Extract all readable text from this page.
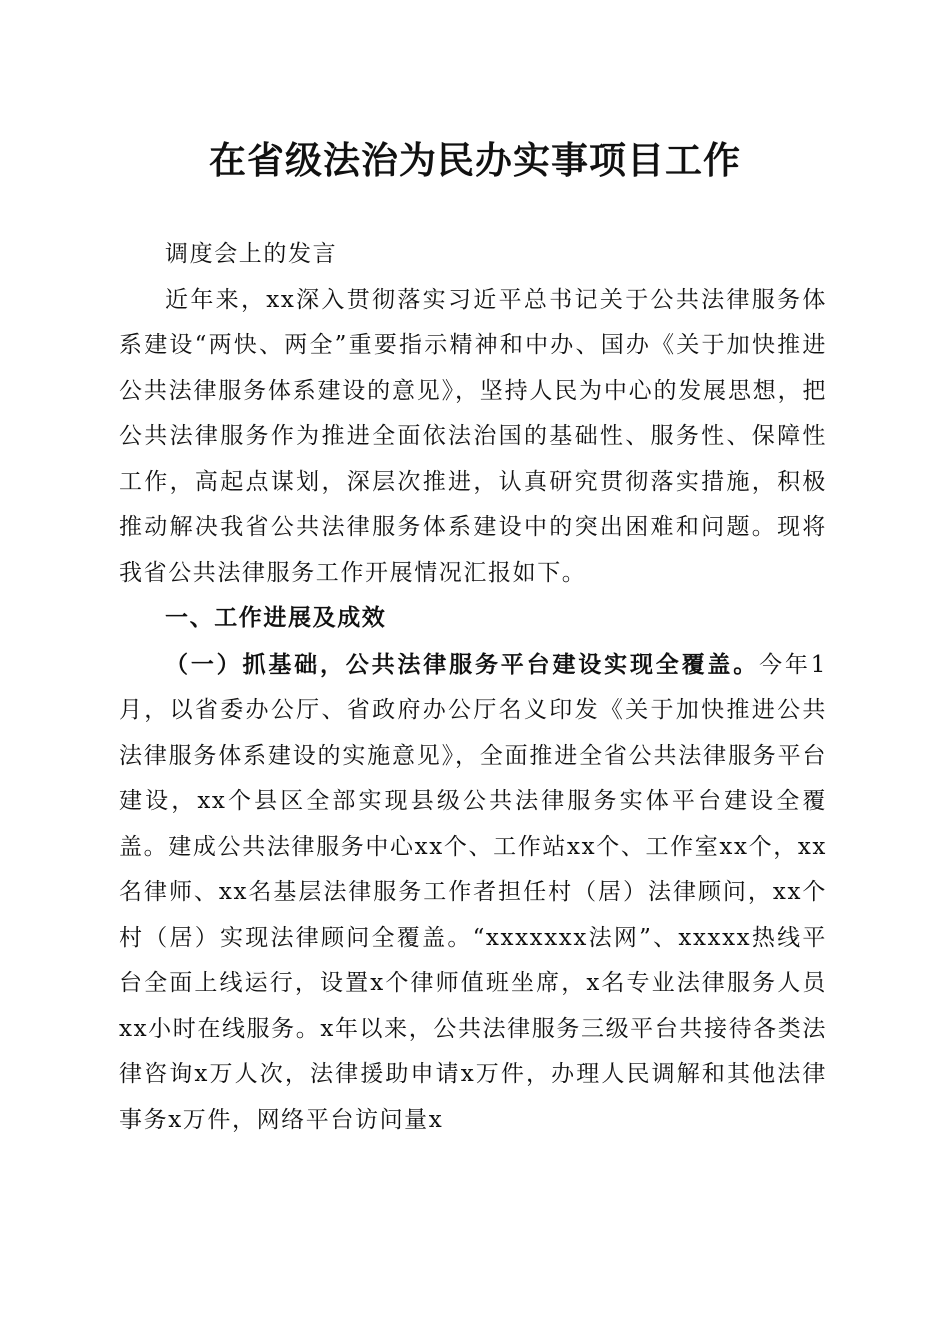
在省级法治为民办实事项目工作

调度会上的发言

近年来，xx深入贯彻落实习近平总书记关于公共法律服务体系建设“两快、两全”重要指示精神和中办、国办《关于加快推进公共法律服务体系建设的意见》，坚持人民为中心的发展思想，把公共法律服务作为推进全面依法治国的基础性、服务性、保障性工作，高起点谋划，深层次推进，认真研究贯彻落实措施，积极推动解决我省公共法律服务体系建设中的突出困难和问题。现将我省公共法律服务工作开展情况汇报如下。

一、工作进展及成效

（一）抓基础，公共法律服务平台建设实现全覆盖。今年1月，以省委办公厅、省政府办公厅名义印发《关于加快推进公共法律服务体系建设的实施意见》，全面推进全省公共法律服务平台建设，xx个县区全部实现县级公共法律服务实体平台建设全覆盖。建成公共法律服务中心xx个、工作站xx个、工作室xx个，xx名律师、xx名基层法律服务工作者担任村（居）法律顾问，xx个村（居）实现法律顾问全覆盖。“xxxxxxx法网”、xxxxx热线平台全面上线运行，设置x个律师值班坐席，x名专业法律服务人员xx小时在线服务。x年以来，公共法律服务三级平台共接待各类法律咨询x万人次，法律援助申请x万件，办理人民调解和其他法律事务x万件，网络平台访问量x
